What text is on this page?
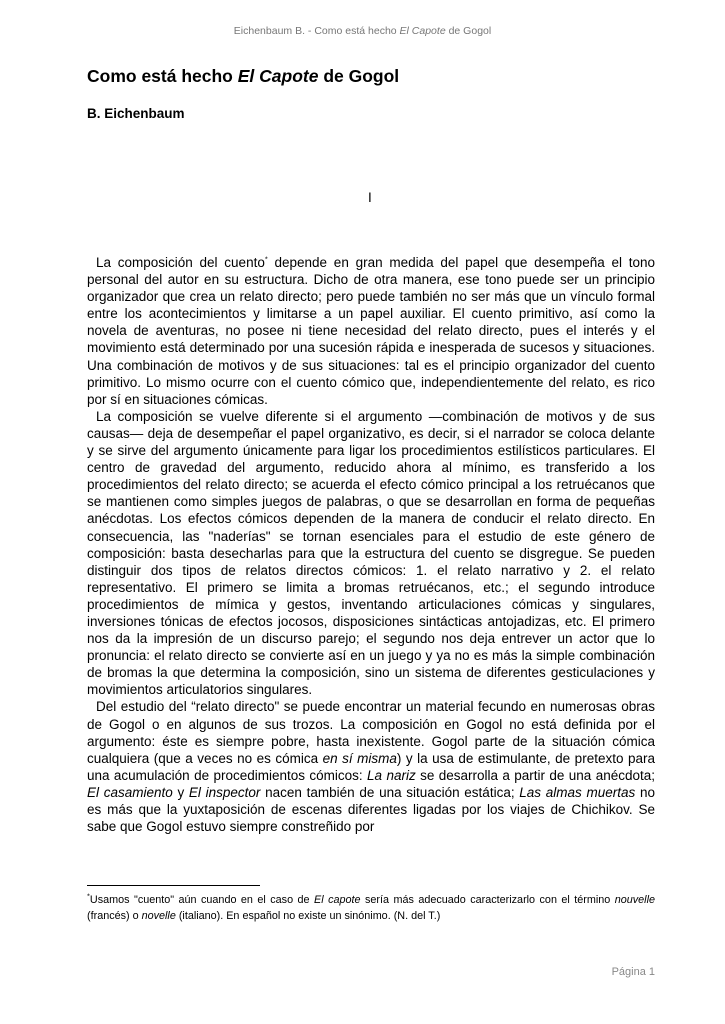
Eichenbaum B. - Como está hecho El Capote de Gogol
Como está hecho El Capote de Gogol
B. Eichenbaum
I

La composición del cuento* depende en gran medida del papel que desempeña el tono personal del autor en su estructura. Dicho de otra manera, ese tono puede ser un principio organizador que crea un relato directo; pero puede también no ser más que un vínculo formal entre los acontecimientos y limitarse a un papel auxiliar. El cuento primitivo, así como la novela de aventuras, no posee ni tiene necesidad del relato directo, pues el interés y el movimiento está determinado por una sucesión rápida e inesperada de sucesos y situaciones. Una combinación de motivos y de sus situaciones: tal es el principio organizador del cuento primitivo. Lo mismo ocurre con el cuento cómico que, independientemente del relato, es rico por sí en situaciones cómicas.

La composición se vuelve diferente si el argumento —combinación de motivos y de sus causas— deja de desempeñar el papel organizativo, es decir, si el narrador se coloca delante y se sirve del argumento únicamente para ligar los procedimientos estilísticos particulares. El centro de gravedad del argumento, reducido ahora al mínimo, es transferido a los procedimientos del relato directo; se acuerda el efecto cómico principal a los retruécanos que se mantienen como simples juegos de palabras, o que se desarrollan en forma de pequeñas anécdotas. Los efectos cómicos dependen de la manera de conducir el relato directo. En consecuencia, las "naderías" se tornan esenciales para el estudio de este género de composición: basta desecharlas para que la estructura del cuento se disgregue. Se pueden distinguir dos tipos de relatos directos cómicos: 1. el relato narrativo y 2. el relato representativo. El primero se limita a bromas retruécanos, etc.; el segundo introduce procedimientos de mímica y gestos, inventando articulaciones cómicas y singulares, inversiones tónicas de efectos jocosos, disposiciones sintácticas antojadizas, etc. El primero nos da la impresión de un discurso parejo; el segundo nos deja entrever un actor que lo pronuncia: el relato directo se convierte así en un juego y ya no es más la simple combinación de bromas la que determina la composición, sino un sistema de diferentes gesticulaciones y movimientos articulatorios singulares.

Del estudio del “relato directo" se puede encontrar un material fecundo en numerosas obras de Gogol o en algunos de sus trozos. La composición en Gogol no está definida por el argumento: éste es siempre pobre, hasta inexistente. Gogol parte de la situación cómica cualquiera (que a veces no es cómica en sí misma) y la usa de estimulante, de pretexto para una acumulación de procedimientos cómicos: La nariz se desarrolla a partir de una anécdota; El casamiento y El inspector nacen también de una situación estática; Las almas muertas no es más que la yuxtaposición de escenas diferentes ligadas por los viajes de Chichikov. Se sabe que Gogol estuvo siempre constreñido por

*Usamos "cuento" aún cuando en el caso de El capote sería más adecuado caracterizarlo con el término nouvelle (francés) o novelle (italiano). En español no existe un sinónimo. (N. del T.)
Página 1
